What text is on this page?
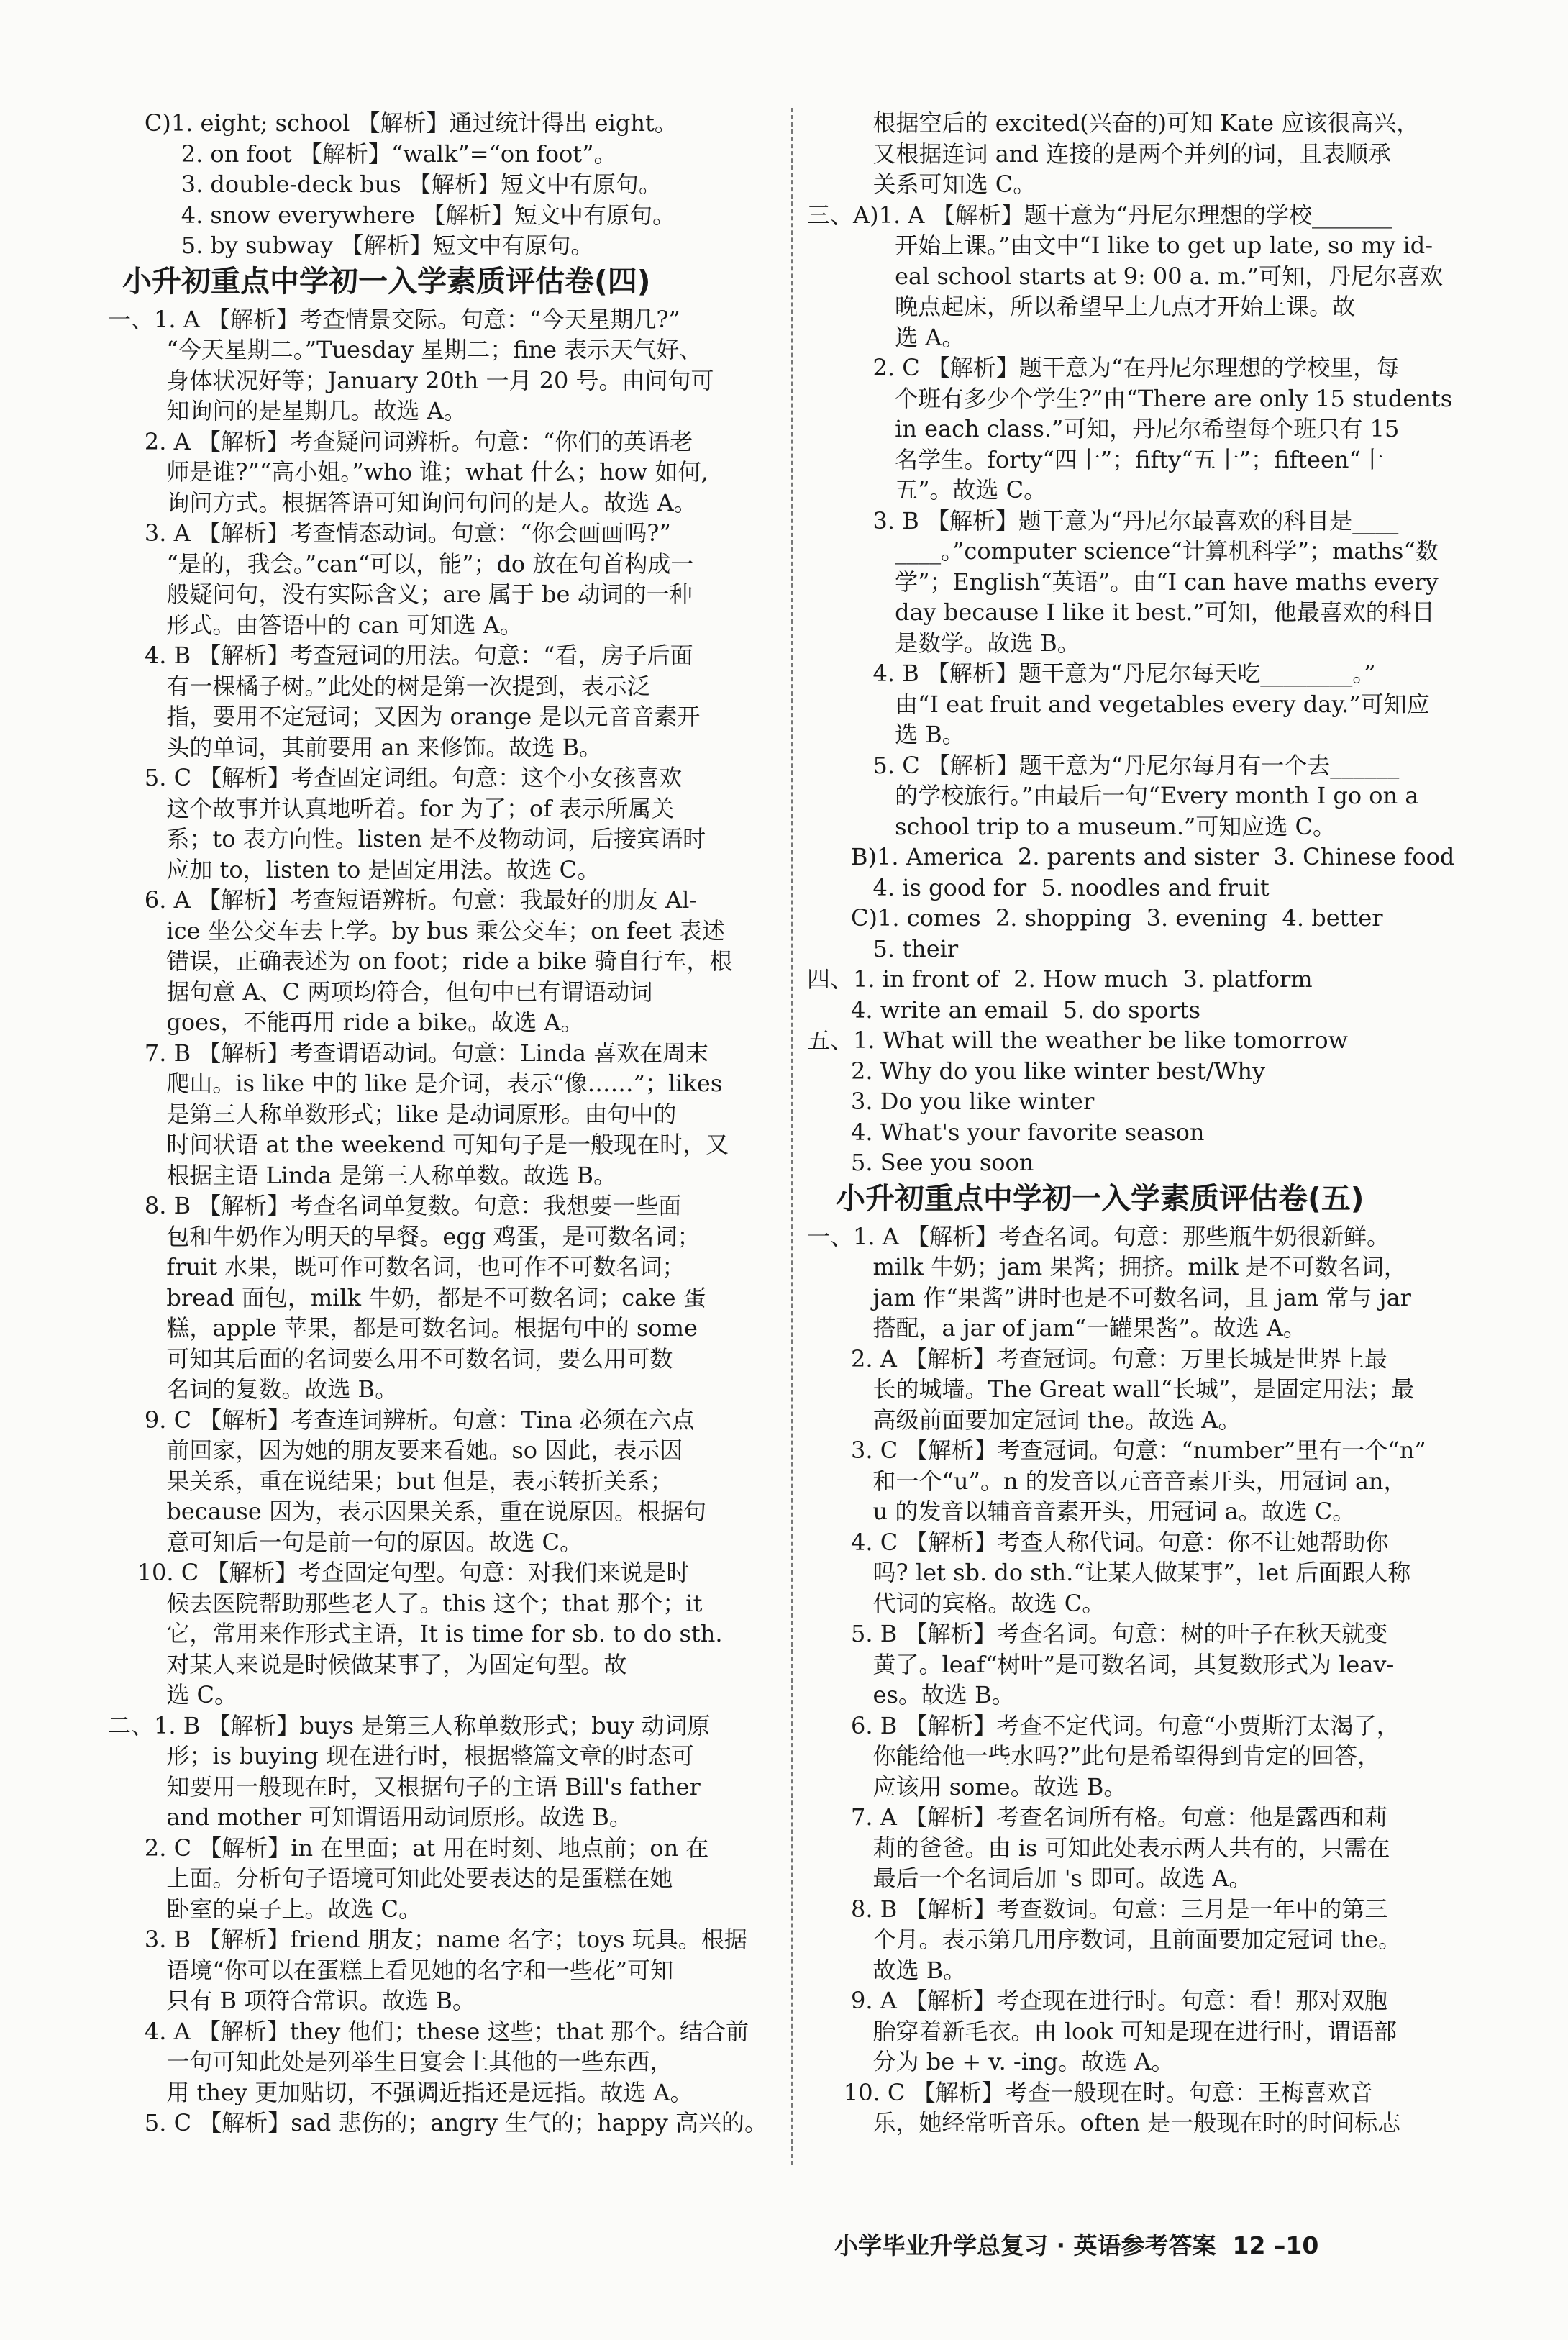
C)1. eight; school 【解析】通过统计得出 eight。
2. on foot 【解析】“walk”=“on foot”。
3. double-deck bus 【解析】短文中有原句。
4. snow everywhere 【解析】短文中有原句。
5. by subway 【解析】短文中有原句。
小升初重点中学初一入学素质评估卷(四)
一、1. A 【解析】考查情景交际。句意：“今天星期几?”
“今天星期二。”Tuesday 星期二；fine 表示天气好、
身体状况好等；January 20th 一月 20 号。由问句可
知询问的是星期几。故选 A。
2. A 【解析】考查疑问词辨析。句意：“你们的英语老
师是谁?”“高小姐。”who 谁；what 什么；how 如何,
询问方式。根据答语可知询问句问的是人。故选 A。
3. A 【解析】考查情态动词。句意：“你会画画吗?”
“是的，我会。”can“可以，能”；do 放在句首构成一
般疑问句，没有实际含义；are 属于 be 动词的一种
形式。由答语中的 can 可知选 A。
4. B 【解析】考查冠词的用法。句意：“看，房子后面
有一棵橘子树。”此处的树是第一次提到，表示泛
指，要用不定冠词；又因为 orange 是以元音音素开
头的单词，其前要用 an 来修饰。故选 B。
5. C 【解析】考查固定词组。句意：这个小女孩喜欢
这个故事并认真地听着。for 为了；of 表示所属关
系；to 表方向性。listen 是不及物动词，后接宾语时
应加 to，listen to 是固定用法。故选 C。
6. A 【解析】考查短语辨析。句意：我最好的朋友 Al-
ice 坐公交车去上学。by bus 乘公交车；on feet 表述
错误，正确表述为 on foot；ride a bike 骑自行车，根
据句意 A、C 两项均符合，但句中已有谓语动词
goes，不能再用 ride a bike。故选 A。
7. B 【解析】考查谓语动词。句意：Linda 喜欢在周末
爬山。is like 中的 like 是介词，表示“像……”；likes
是第三人称单数形式；like 是动词原形。由句中的
时间状语 at the weekend 可知句子是一般现在时，又
根据主语 Linda 是第三人称单数。故选 B。
8. B 【解析】考查名词单复数。句意：我想要一些面
包和牛奶作为明天的早餐。egg 鸡蛋，是可数名词；
fruit 水果，既可作可数名词，也可作不可数名词；
bread 面包，milk 牛奶，都是不可数名词；cake 蛋
糕，apple 苹果，都是可数名词。根据句中的 some
可知其后面的名词要么用不可数名词，要么用可数
名词的复数。故选 B。
9. C 【解析】考查连词辨析。句意：Tina 必须在六点
前回家，因为她的朋友要来看她。so 因此，表示因
果关系，重在说结果；but 但是，表示转折关系；
because 因为，表示因果关系，重在说原因。根据句
意可知后一句是前一句的原因。故选 C。
10. C 【解析】考查固定句型。句意：对我们来说是时
候去医院帮助那些老人了。this 这个；that 那个；it
它，常用来作形式主语，It is time for sb. to do sth.
对某人来说是时候做某事了，为固定句型。故
选 C。
二、1. B 【解析】buys 是第三人称单数形式；buy 动词原
形；is buying 现在进行时，根据整篇文章的时态可
知要用一般现在时，又根据句子的主语 Bill's father
and mother 可知谓语用动词原形。故选 B。
2. C 【解析】in 在里面；at 用在时刻、地点前；on 在
上面。分析句子语境可知此处要表达的是蛋糕在她
卧室的桌子上。故选 C。
3. B 【解析】friend 朋友；name 名字；toys 玩具。根据
语境“你可以在蛋糕上看见她的名字和一些花”可知
只有 B 项符合常识。故选 B。
4. A 【解析】they 他们；these 这些；that 那个。结合前
一句可知此处是列举生日宴会上其他的一些东西，
用 they 更加贴切，不强调近指还是远指。故选 A。
5. C 【解析】sad 悲伤的；angry 生气的；happy 高兴的。
根据空后的 excited(兴奋的)可知 Kate 应该很高兴，
又根据连词 and 连接的是两个并列的词，且表顺承
关系可知选 C。
三、A)1. A 【解析】题干意为“丹尼尔理想的学校_______
开始上课。”由文中“I like to get up late, so my id-
eal school starts at 9: 00 a. m.”可知，丹尼尔喜欢
晚点起床，所以希望早上九点才开始上课。故
选 A。
2. C 【解析】题干意为“在丹尼尔理想的学校里，每
个班有多少个学生?”由“There are only 15 students
in each class.”可知，丹尼尔希望每个班只有 15
名学生。forty“四十”；fifty“五十”；fifteen“十
五”。故选 C。
3. B 【解析】题干意为“丹尼尔最喜欢的科目是____
____。”computer science“计算机科学”；maths“数
学”；English“英语”。由“I can have maths every
day because I like it best.”可知，他最喜欢的科目
是数学。故选 B。
4. B 【解析】题干意为“丹尼尔每天吃________。”
由“I eat fruit and vegetables every day.”可知应
选 B。
5. C 【解析】题干意为“丹尼尔每月有一个去______
的学校旅行。”由最后一句“Every month I go on a
school trip to a museum.”可知应选 C。
B)1. America  2. parents and sister  3. Chinese food
4. is good for  5. noodles and fruit
C)1. comes  2. shopping  3. evening  4. better
5. their
四、1. in front of  2. How much  3. platform
4. write an email  5. do sports
五、1. What will the weather be like tomorrow
2. Why do you like winter best/Why
3. Do you like winter
4. What's your favorite season
5. See you soon
小升初重点中学初一入学素质评估卷(五)
一、1. A 【解析】考查名词。句意：那些瓶牛奶很新鲜。
milk 牛奶；jam 果酱；拥挤。milk 是不可数名词，
jam 作“果酱”讲时也是不可数名词，且 jam 常与 jar
搭配，a jar of jam“一罐果酱”。故选 A。
2. A 【解析】考查冠词。句意：万里长城是世界上最
长的城墙。The Great wall“长城”，是固定用法；最
高级前面要加定冠词 the。故选 A。
3. C 【解析】考查冠词。句意：“number”里有一个“n”
和一个“u”。n 的发音以元音音素开头，用冠词 an，
u 的发音以辅音音素开头，用冠词 a。故选 C。
4. C 【解析】考查人称代词。句意：你不让她帮助你
吗? let sb. do sth.“让某人做某事”，let 后面跟人称
代词的宾格。故选 C。
5. B 【解析】考查名词。句意：树的叶子在秋天就变
黄了。leaf“树叶”是可数名词，其复数形式为 leav-
es。故选 B。
6. B 【解析】考查不定代词。句意“小贾斯汀太渴了，
你能给他一些水吗?”此句是希望得到肯定的回答，
应该用 some。故选 B。
7. A 【解析】考查名词所有格。句意：他是露西和莉
莉的爸爸。由 is 可知此处表示两人共有的，只需在
最后一个名词后加 's 即可。故选 A。
8. B 【解析】考查数词。句意：三月是一年中的第三
个月。表示第几用序数词，且前面要加定冠词 the。
故选 B。
9. A 【解析】考查现在进行时。句意：看！那对双胞
胎穿着新毛衣。由 look 可知是现在进行时，谓语部
分为 be + v. -ing。故选 A。
10. C 【解析】考查一般现在时。句意：王梅喜欢音
乐，她经常听音乐。often 是一般现在时的时间标志
小学毕业升学总复习 · 英语参考答案  12 –10
